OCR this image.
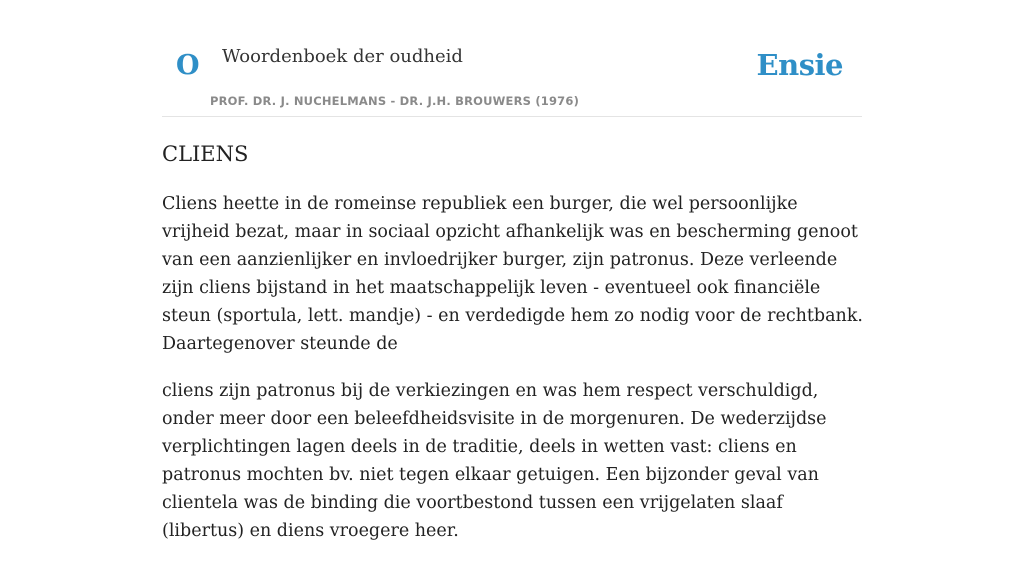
O Woordenboek der oudheid
PROF. DR. J. NUCHELMANS - DR. J.H. BROUWERS (1976)
Ensie
CLIENS

Cliens heette in de romeinse republiek een burger, die wel persoonlijke vrijheid bezat, maar in sociaal opzicht afhankelijk was en bescherming genoot van een aanzienlijker en invloedrijker burger, zijn patronus. Deze verleende zijn cliens bijstand in het maatschappelijk leven - eventueel ook financiële steun (sportula, lett. mandje) - en verdedigde hem zo nodig voor de rechtbank. Daartegenover steunde de

cliens zijn patronus bij de verkiezingen en was hem respect verschuldigd, onder meer door een beleefdheidsvisite in de morgenuren. De wederzijdse verplichtingen lagen deels in de traditie, deels in wetten vast: cliens en patronus mochten bv. niet tegen elkaar getuigen. Een bijzonder geval van clientela was de binding die voortbestond tussen een vrijgelaten slaaf (libertus) en diens vroegere heer.
